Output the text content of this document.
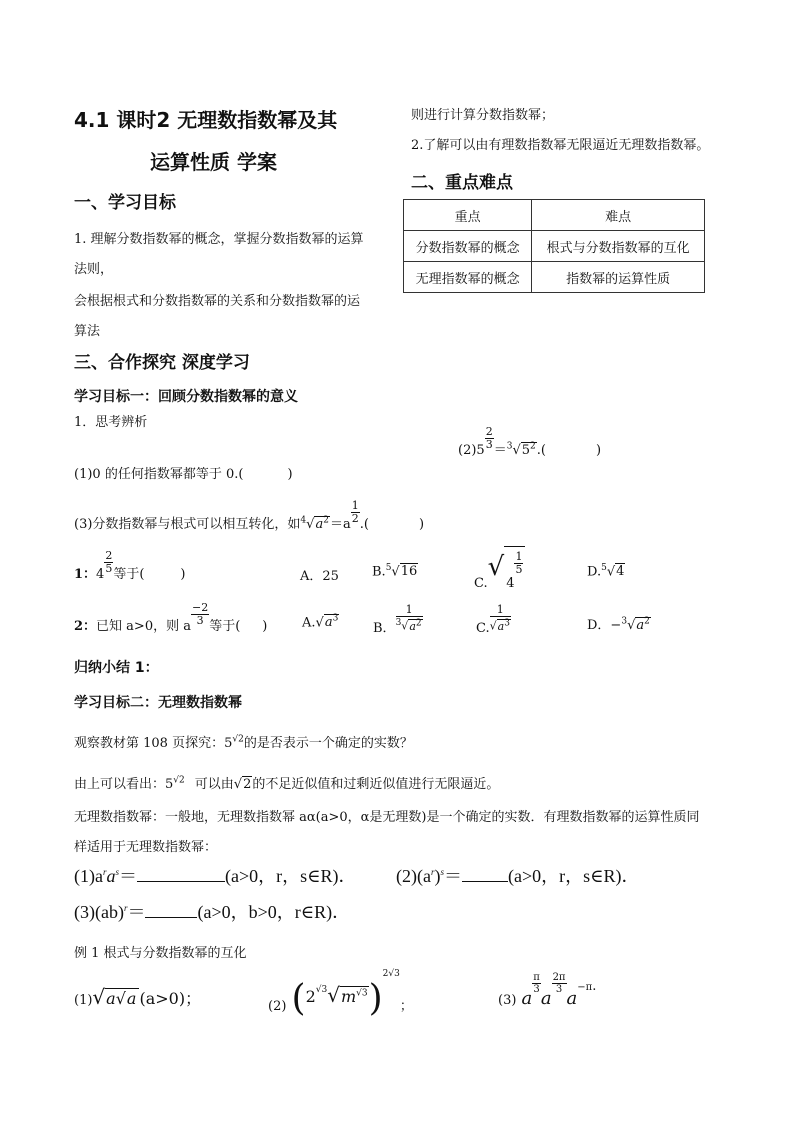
4.1 课时2 无理数指数幂及其
运算性质 学案
则进行计算分数指数幂；
2.了解可以由有理数指数幂无限逼近无理数指数幂。
一、学习目标
1. 理解分数指数幂的概念，掌握分数指数幂的运算
法则，
会根据根式和分数指数幂的关系和分数指数幂的运
算法
二、重点难点
重点	难点
分数指数幂的概念	根式与分数指数幂的互化
无理指数幂的概念	指数幂的运算性质
三、合作探究 深度学习
学习目标一：回顾分数指数幂的意义
1．思考辨析
(1)0 的任何指数幂都等于 0.(	)
$(2)5 \frac{2}{3} =^3√5^2$.(	)
(3)分数指数幂与根式可以相互转化，如$^4√a^2=a \frac{1}{2}$ .(	)
1：$4 \frac{2}{5}$ 等于(	)	A．25	B.$^5$√16
C.√4
$\frac{1}{5}$	D.$^5$√4
2：已知 a>0，则 a $\frac{-2}{3}$ 等于( )	$A.√a^3$
B． $\frac{1}{^3√a^2}$	C. $\frac{1}{√a^3}$	D．$-^3√a^2$
归纳小结 1：
学习目标二：无理数指数幂
观察教材第 108 页探究：$5^{√2}$的是否表示一个确定的实数？
由上可以看出：$5^{√2}$ 可以由√2的不足近似值和过剩近似值进行无限逼近。
无理数指数幂：一般地，无理数指数幂 aα(a>0，α是无理数)是一个确定的实数．有理数指数幂的运算性质同
样适用于无理数指数幂：
$(1)a^ra^s=$	(a>0，r，s∈R)． $(2)(a^r)^s=$	(a>0，r，s∈R)．
(3)(ab)$^r$＝	(a>0，b>0，r∈R)．
例 1 根式与分数指数幂的互化
(1)√a√a (a>0)；	$_{(2)}$ $(2^{√3}√m^{√3})^{2√3}_;$	$_{(3)}$ a
$\frac{\pi}{3}$
a
$\frac{2\pi}{3}$
a−π.
